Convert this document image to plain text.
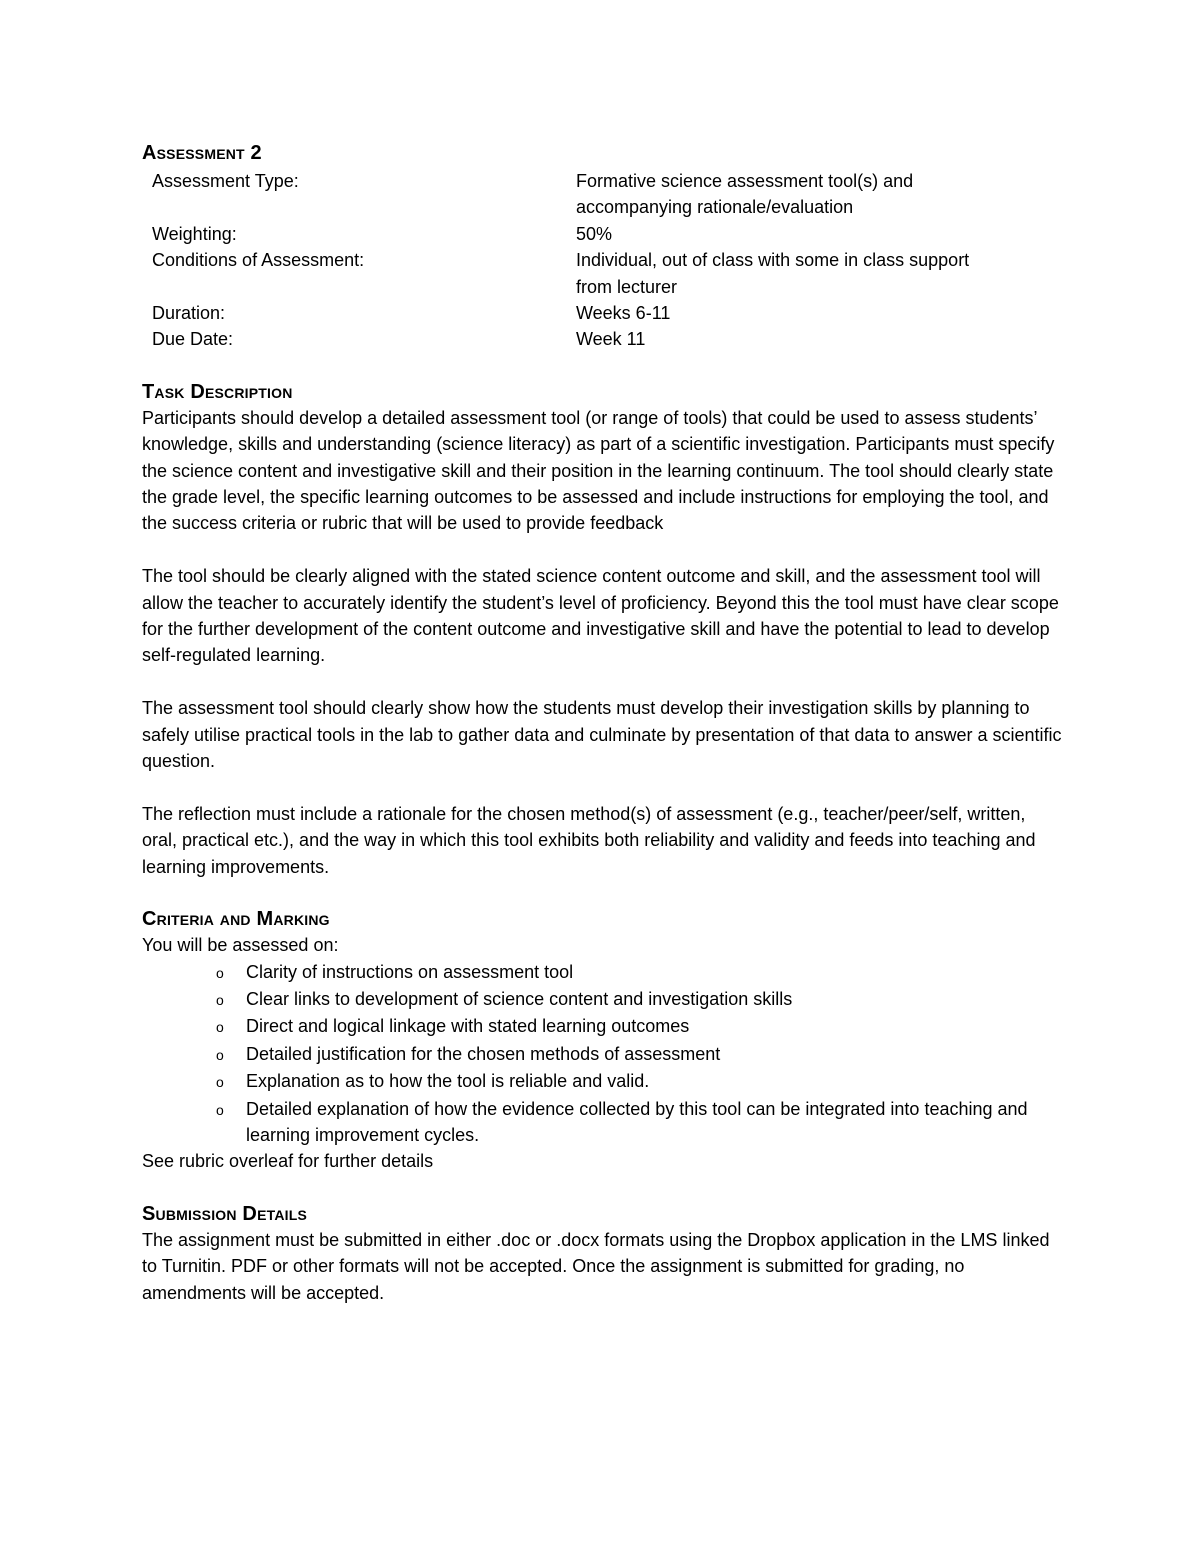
Assessment 2
Assessment Type:	Formative science assessment tool(s) and accompanying rationale/evaluation
Weighting:	50%
Conditions of Assessment:	Individual, out of class with some in class support from lecturer
Duration:	Weeks 6-11
Due Date:	Week 11
Task Description

Participants should develop a detailed assessment tool (or range of tools) that could be used to assess students’ knowledge, skills and understanding (science literacy) as part of a scientific investigation. Participants must specify the science content and investigative skill and their position in the learning continuum. The tool should clearly state the grade level, the specific learning outcomes to be assessed and include instructions for employing the tool, and the success criteria or rubric that will be used to provide feedback

The tool should be clearly aligned with the stated science content outcome and skill, and the assessment tool will allow the teacher to accurately identify the student’s level of proficiency. Beyond this the tool must have clear scope for the further development of the content outcome and investigative skill and have the potential to lead to develop self-regulated learning.

The assessment tool should clearly show how the students must develop their investigation skills by planning to safely utilise practical tools in the lab to gather data and culminate by presentation of that data to answer a scientific question.

The reflection must include a rationale for the chosen method(s) of assessment (e.g., teacher/peer/self, written, oral, practical etc.), and the way in which this tool exhibits both reliability and validity and feeds into teaching and learning improvements.

Criteria and Marking

You will be assessed on:

o	Clarity of instructions on assessment tool
o	Clear links to development of science content and investigation skills
o	Direct and logical linkage with stated learning outcomes
o	Detailed justification for the chosen methods of assessment
o	Explanation as to how the tool is reliable and valid.
o	Detailed explanation of how the evidence collected by this tool can be integrated into teaching and learning improvement cycles.

See rubric overleaf for further details

Submission Details

The assignment must be submitted in either .doc or .docx formats using the Dropbox application in the LMS linked to Turnitin. PDF or other formats will not be accepted. Once the assignment is submitted for grading, no amendments will be accepted.
